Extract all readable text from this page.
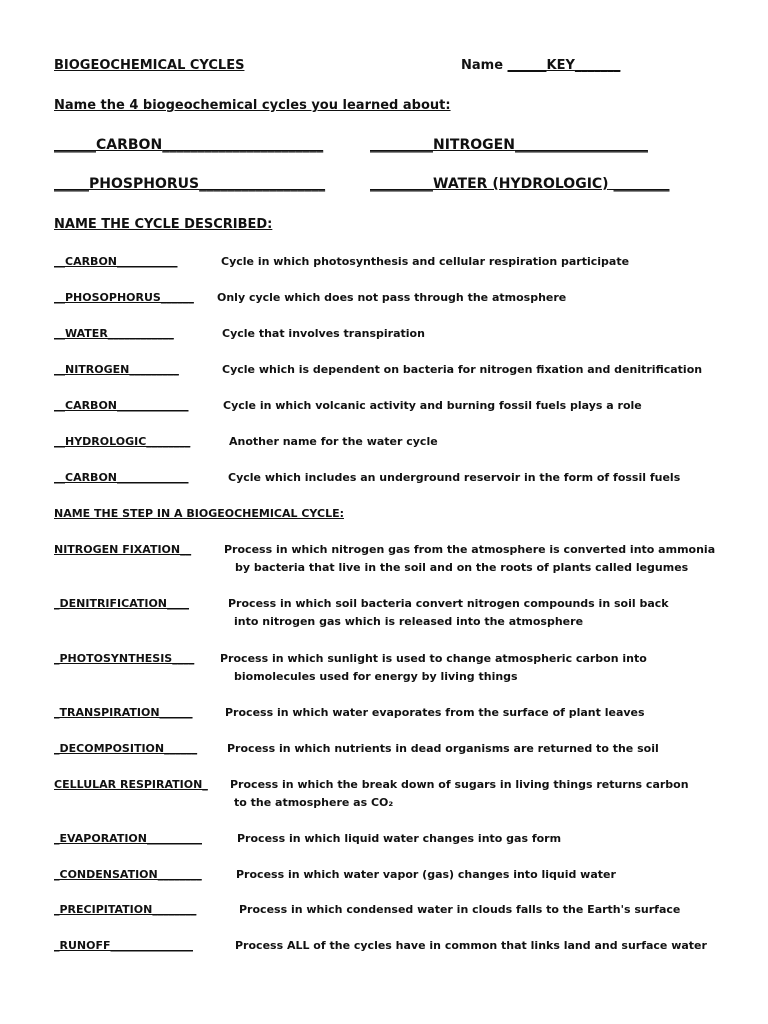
BIOGEOCHEMICAL CYCLES	Name ______KEY_______
Name the 4 biogeochemical cycles you learned about:
______CARBON_______________________	_________NITROGEN___________________
_____PHOSPHORUS__________________	_________WATER (HYDROLOGIC) ________
NAME THE CYCLE DESCRIBED:
__CARBON___________	Cycle in which photosynthesis and cellular respiration participate
__PHOSOPHORUS______ Only cycle which does not pass through the atmosphere
__WATER____________	Cycle that involves transpiration
__NITROGEN_________	Cycle which is dependent on bacteria for nitrogen fixation and denitrification
__CARBON_____________	Cycle in which volcanic activity and burning fossil fuels plays a role
__HYDROLOGIC________	Another name for the water cycle
__CARBON_____________	Cycle which includes an underground reservoir in the form of fossil fuels
NAME THE STEP IN A BIOGEOCHEMICAL CYCLE:
NITROGEN FIXATION__	Process in which nitrogen gas from the atmosphere is converted into ammonia
by bacteria that live in the soil and on the roots of plants called legumes
_DENITRIFICATION____	Process in which soil bacteria convert nitrogen compounds in soil back
into nitrogen gas which is released into the atmosphere
_PHOTOSYNTHESIS____ Process in which sunlight is used to change atmospheric carbon into
biomolecules used for energy by living things
_TRANSPIRATION______	Process in which water evaporates from the surface of plant leaves
_DECOMPOSITION______	Process in which nutrients in dead organisms are returned to the soil
CELLULAR RESPIRATION_ Process in which the break down of sugars in living things returns carbon
to the atmosphere as CO₂
_EVAPORATION__________	Process in which liquid water changes into gas form
_CONDENSATION________	Process in which water vapor (gas) changes into liquid water
_PRECIPITATION________	Process in which condensed water in clouds falls to the Earth's surface
_RUNOFF_______________	Process ALL of the cycles have in common that links land and surface water
